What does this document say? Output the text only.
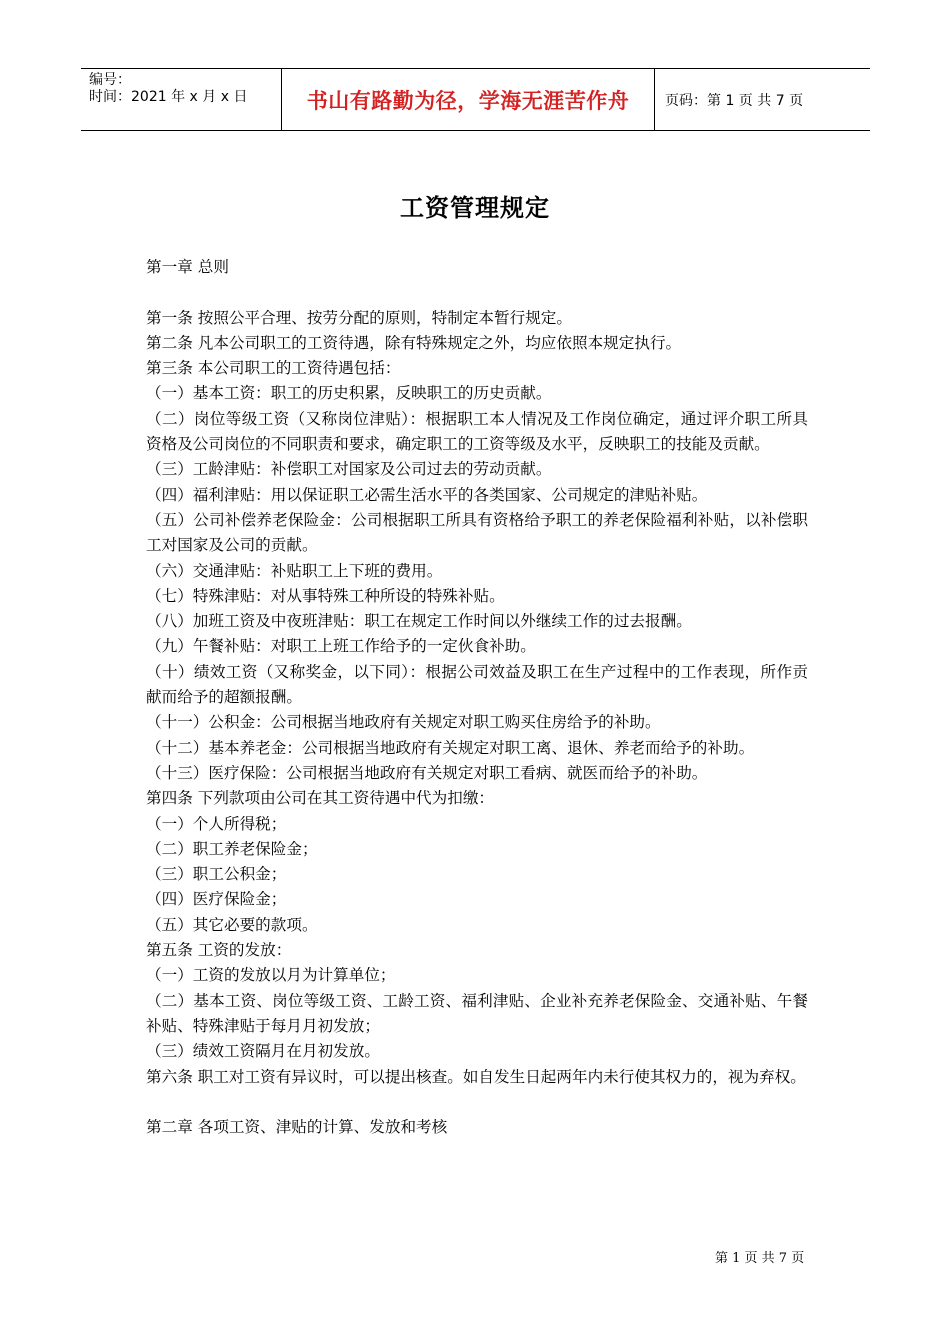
编号：
时间：2021 年 x 月 x 日	书山有路勤为径，学海无涯苦作舟	页码：第 1 页 共 7 页
工资管理规定

第一章 总则

第一条 按照公平合理、按劳分配的原则，特制定本暂行规定。

第二条 凡本公司职工的工资待遇，除有特殊规定之外，均应依照本规定执行。

第三条 本公司职工的工资待遇包括：

（一）基本工资：职工的历史积累，反映职工的历史贡献。

（二）岗位等级工资（又称岗位津贴）：根据职工本人情况及工作岗位确定，通过评介职工所具资格及公司岗位的不同职责和要求，确定职工的工资等级及水平，反映职工的技能及贡献。

（三）工龄津贴：补偿职工对国家及公司过去的劳动贡献。

（四）福利津贴：用以保证职工必需生活水平的各类国家、公司规定的津贴补贴。

（五）公司补偿养老保险金：公司根据职工所具有资格给予职工的养老保险福利补贴，以补偿职工对国家及公司的贡献。

（六）交通津贴：补贴职工上下班的费用。

（七）特殊津贴：对从事特殊工种所设的特殊补贴。

（八）加班工资及中夜班津贴：职工在规定工作时间以外继续工作的过去报酬。

（九）午餐补贴：对职工上班工作给予的一定伙食补助。

（十）绩效工资（又称奖金，以下同）：根据公司效益及职工在生产过程中的工作表现，所作贡献而给予的超额报酬。

（十一）公积金：公司根据当地政府有关规定对职工购买住房给予的补助。

（十二）基本养老金：公司根据当地政府有关规定对职工离、退休、养老而给予的补助。

（十三）医疗保险：公司根据当地政府有关规定对职工看病、就医而给予的补助。

第四条 下列款项由公司在其工资待遇中代为扣缴：

（一）个人所得税；

（二）职工养老保险金；

（三）职工公积金；

（四）医疗保险金；

（五）其它必要的款项。

第五条 工资的发放：

（一）工资的发放以月为计算单位；

（二）基本工资、岗位等级工资、工龄工资、福利津贴、企业补充养老保险金、交通补贴、午餐补贴、特殊津贴于每月月初发放；

（三）绩效工资隔月在月初发放。

第六条 职工对工资有异议时，可以提出核查。如自发生日起两年内未行使其权力的，视为弃权。

第二章 各项工资、津贴的计算、发放和考核

第 1 页 共 7 页
